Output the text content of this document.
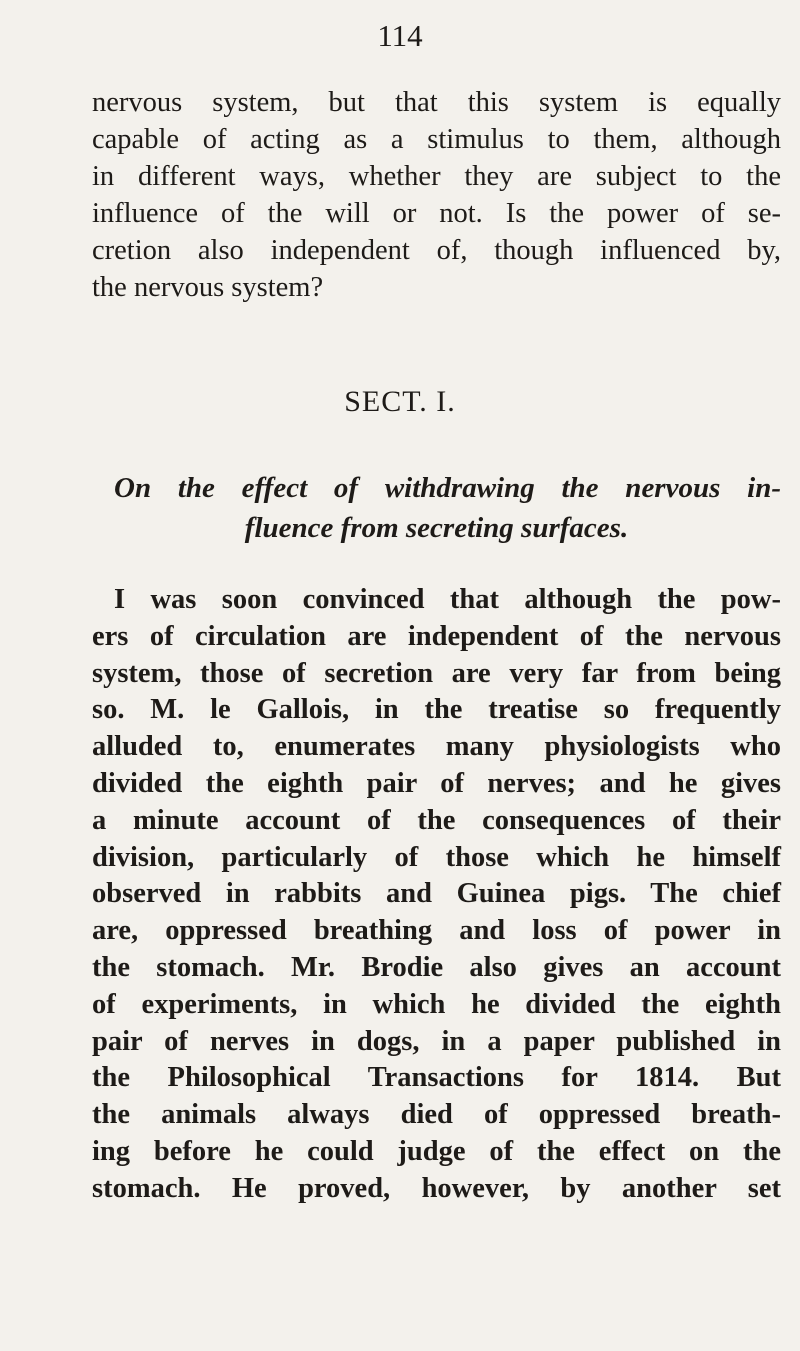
114
nervous system, but that this system is equally
capable of acting as a stimulus to them, although
in different ways, whether they are subject to the
influence of the will or not. Is the power of se-
cretion also independent of, though influenced by,
the nervous system?
SECT. I.
On the effect of withdrawing the nervous in-
fluence from secreting surfaces.
I was soon convinced that although the pow-
ers of circulation are independent of the nervous
system, those of secretion are very far from being
so. M. le Gallois, in the treatise so frequently
alluded to, enumerates many physiologists who
divided the eighth pair of nerves; and he gives
a minute account of the consequences of their
division, particularly of those which he himself
observed in rabbits and Guinea pigs. The chief
are, oppressed breathing and loss of power in
the stomach. Mr. Brodie also gives an account
of experiments, in which he divided the eighth
pair of nerves in dogs, in a paper published in
the Philosophical Transactions for 1814. But
the animals always died of oppressed breath-
ing before he could judge of the effect on the
stomach. He proved, however, by another set
